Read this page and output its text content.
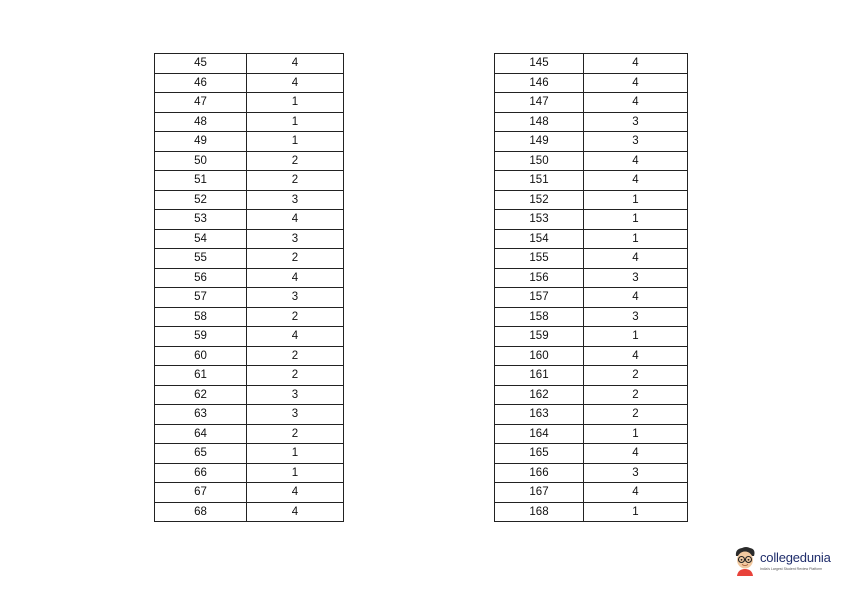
45	4
46	4
47	1
48	1
49	1
50	2
51	2
52	3
53	4
54	3
55	2
56	4
57	3
58	2
59	4
60	2
61	2
62	3
63	3
64	2
65	1
66	1
67	4
68	4
145	4
146	4
147	4
148	3
149	3
150	4
151	4
152	1
153	1
154	1
155	4
156	3
157	4
158	3
159	1
160	4
161	2
162	2
163	2
164	1
165	4
166	3
167	4
168	1
collegedunia
India's Largest Student Review Platform
